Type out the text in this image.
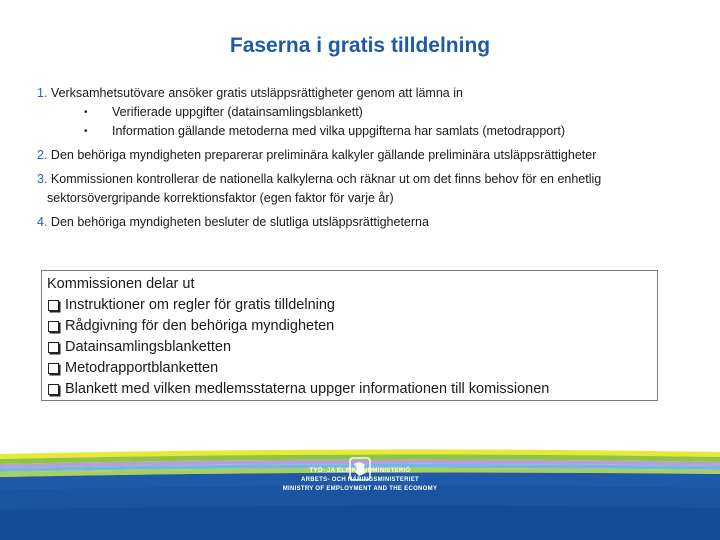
Faserna i gratis tilldelning

1. Verksamhetsutövare ansöker gratis utsläppsrättigheter genom att lämna in

• Verifierade uppgifter (datainsamlingsblankett)
• Information gällande metoderna med vilka uppgifterna har samlats (metodrapport)

2. Den behöriga myndigheten preparerar preliminära kalkyler gällande preliminära utsläppsrättigheter

3. Kommissionen kontrollerar de nationella kalkylerna och räknar ut om det finns behov för en enhetlig
sektorsövergripande korrektionsfaktor (egen faktor för varje år)

4. Den behöriga myndigheten besluter de slutliga utsläppsrättigheterna

Kommissionen delar ut
Instruktioner om regler för gratis tilldelning
Rådgivning för den behöriga myndigheten
Datainsamlingsblanketten
Metodrapportblanketten
Blankett med vilken medlemsstaterna uppger informationen till komissionen
TYÖ- JA ELINKEINOMINISTERIÖ
ARBETS- OCH NÄRINGSMINISTERIET
MINISTRY OF EMPLOYMENT AND THE ECONOMY
